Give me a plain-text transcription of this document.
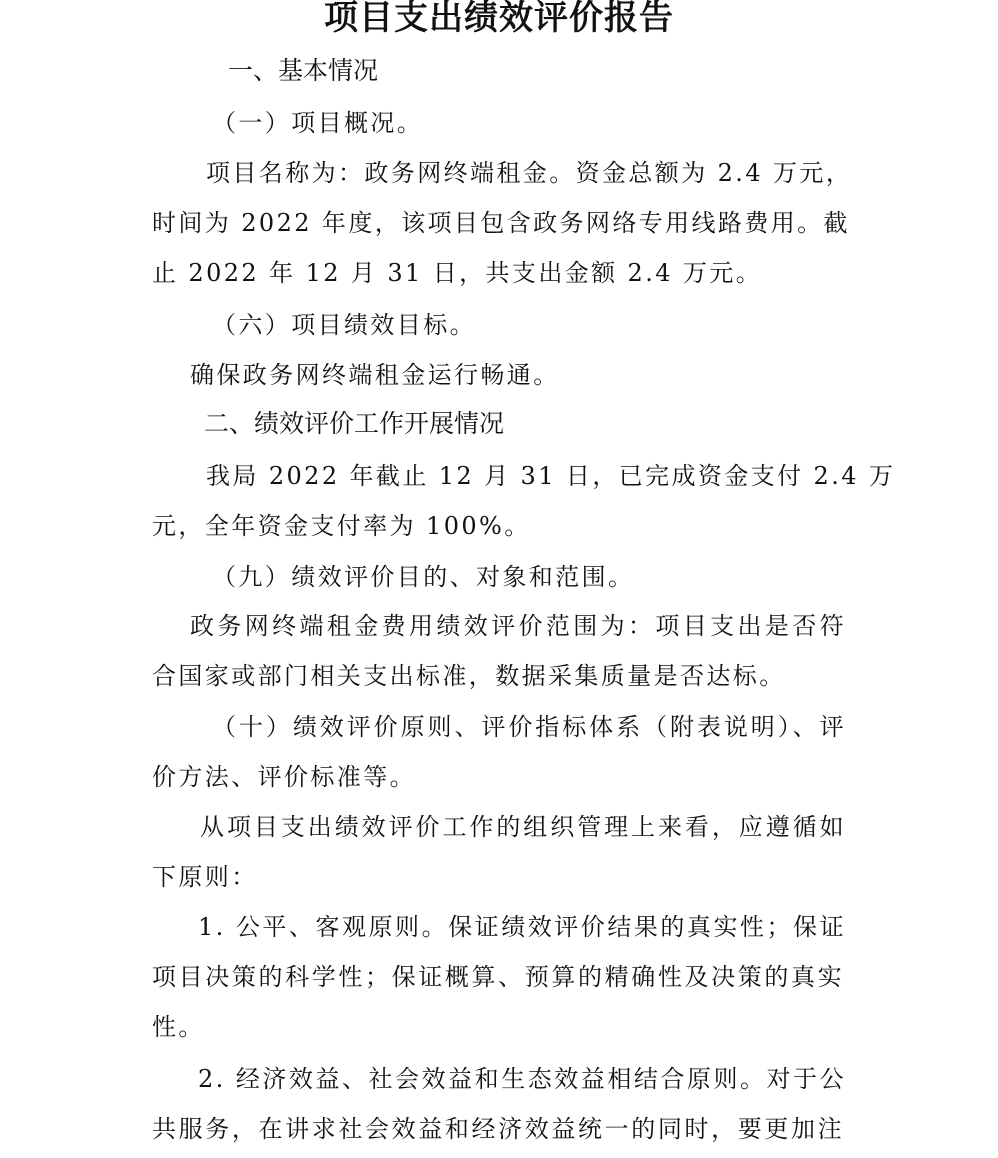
项目支出绩效评价报告

一、基本情况

（一）项目概况。

项目名称为：政务网终端租金。资金总额为 2.4 万元，

时间为 2022 年度，该项目包含政务网络专用线路费用。截

止 2022 年 12 月 31 日，共支出金额 2.4 万元。

（六）项目绩效目标。

确保政务网终端租金运行畅通。

二、绩效评价工作开展情况

我局 2022 年截止 12 月 31 日，已完成资金支付 2.4 万

元，全年资金支付率为 100%。

（九）绩效评价目的、对象和范围。

政务网终端租金费用绩效评价范围为：项目支出是否符

合国家或部门相关支出标准，数据采集质量是否达标。

（十）绩效评价原则、评价指标体系（附表说明）、评

价方法、评价标准等。

从项目支出绩效评价工作的组织管理上来看，应遵循如

下原则：

1. 公平、客观原则。保证绩效评价结果的真实性；保证

项目决策的科学性；保证概算、预算的精确性及决策的真实

性。

2. 经济效益、社会效益和生态效益相结合原则。对于公

共服务，在讲求社会效益和经济效益统一的同时，要更加注
